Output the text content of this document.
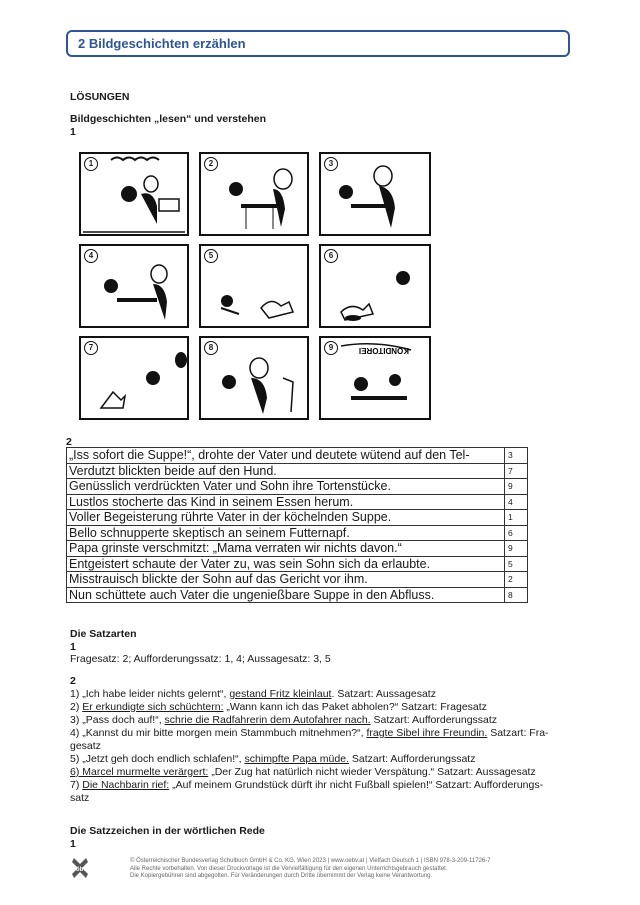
2 Bildgeschichten erzählen
LÖSUNGEN
Bildgeschichten „lesen“ und verstehen
1
1	2	3
4	5	6
7	8	9	KONDITOREI
2
„Iss sofort die Suppe!“, drohte der Vater und deutete wütend auf den Tel-	3
Verdutzt blickten beide auf den Hund.	7
Genüsslich verdrückten Vater und Sohn ihre Tortenstücke.	9
Lustlos stocherte das Kind in seinem Essen herum.	4
Voller Begeisterung rührte Vater in der köchelnden Suppe.	1
Bello schnupperte skeptisch an seinem Futternapf.	6
Papa grinste verschmitzt: „Mama verraten wir nichts davon.“	9
Entgeistert schaute der Vater zu, was sein Sohn sich da erlaubte.	5
Misstrauisch blickte der Sohn auf das Gericht vor ihm.	2
Nun schüttete auch Vater die ungenießbare Suppe in den Abfluss.	8
Die Satzarten
1
Fragesatz: 2; Aufforderungssatz: 1, 4; Aussagesatz: 3, 5
2
1) „Ich habe leider nichts gelernt“, gestand Fritz kleinlaut. Satzart: Aussagesatz
2) Er erkundigte sich schüchtern: „Wann kann ich das Paket abholen?“ Satzart: Fragesatz
3) „Pass doch auf!“, schrie die Radfahrerin dem Autofahrer nach. Satzart: Aufforderungssatz
4) „Kannst du mir bitte morgen mein Stammbuch mitnehmen?“, fragte Sibel ihre Freundin. Satzart: Fra-
gesatz
5) „Jetzt geh doch endlich schlafen!“, schimpfte Papa müde. Satzart: Aufforderungssatz
6) Marcel murmelte verärgert: „Der Zug hat natürlich nicht wieder Verspätung.“ Satzart: Aussagesatz
7) Die Nachbarin rief: „Auf meinem Grundstück dürft ihr nicht Fußball spielen!“ Satzart: Aufforderungs-
satz
Die Satzzeichen in der wörtlichen Rede
1
öbv
© Österreichischer Bundesverlag Schulbuch GmbH & Co. KG, Wien 2023 | www.oebv.at | Vielfach Deutsch 1 | ISBN 978-3-209-11726-7
Alle Rechte vorbehalten. Von dieser Druckvorlage ist die Vervielfältigung für den eigenen Unterrichtsgebrauch gestattet.
Die Kopiergebühren sind abgegolten. Für Veränderungen durch Dritte übernimmt der Verlag keine Verantwortung.
